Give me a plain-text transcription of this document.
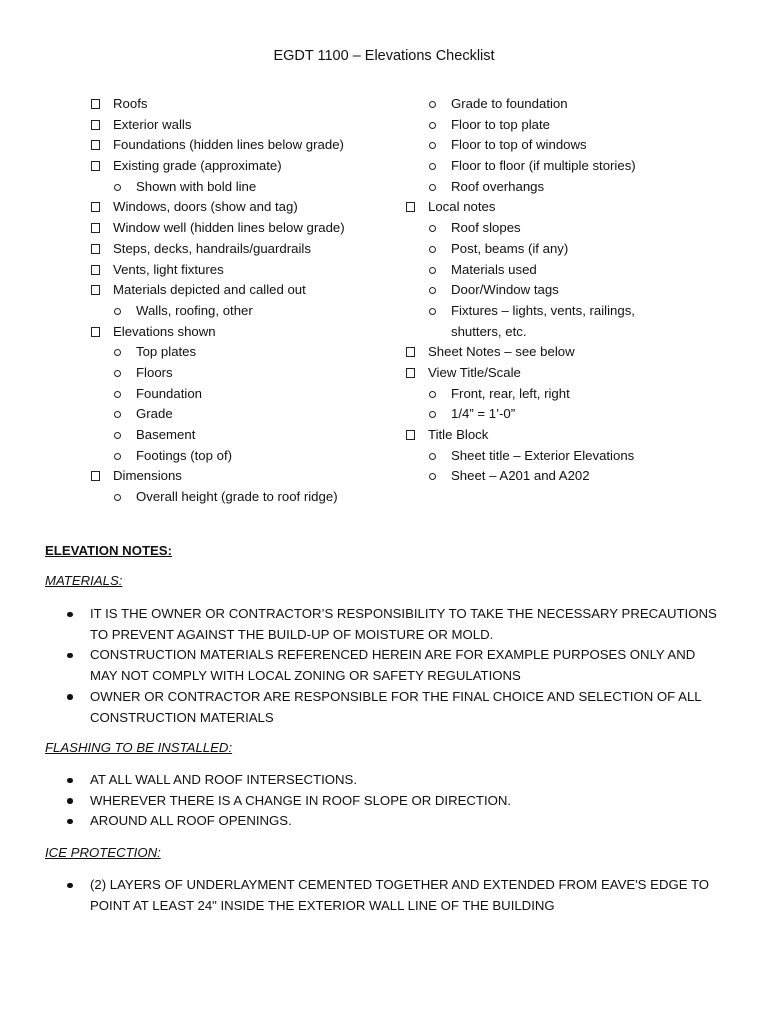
EGDT 1100 – Elevations Checklist
Roofs
Exterior walls
Foundations (hidden lines below grade)
Existing grade (approximate)
Shown with bold line
Windows, doors (show and tag)
Window well (hidden lines below grade)
Steps, decks, handrails/guardrails
Vents, light fixtures
Materials depicted and called out
Walls, roofing, other
Elevations shown
Top plates
Floors
Foundation
Grade
Basement
Footings (top of)
Dimensions
Overall height (grade to roof ridge)
Grade to foundation
Floor to top plate
Floor to top of windows
Floor to floor (if multiple stories)
Roof overhangs
Local notes
Roof slopes
Post, beams (if any)
Materials used
Door/Window tags
Fixtures – lights, vents, railings,
shutters, etc.
Sheet Notes – see below
View Title/Scale
Front, rear, left, right
1/4” = 1’-0”
Title Block
Sheet title – Exterior Elevations
Sheet – A201 and A202
ELEVATION NOTES:
MATERIALS:
IT IS THE OWNER OR CONTRACTOR’S RESPONSIBILITY TO TAKE THE NECESSARY PRECAUTIONS TO PREVENT AGAINST THE BUILD-UP OF MOISTURE OR MOLD.
CONSTRUCTION MATERIALS REFERENCED HEREIN ARE FOR EXAMPLE PURPOSES ONLY AND MAY NOT COMPLY WITH LOCAL ZONING OR SAFETY REGULATIONS
OWNER OR CONTRACTOR ARE RESPONSIBLE FOR THE FINAL CHOICE AND SELECTION OF ALL CONSTRUCTION MATERIALS
FLASHING TO BE INSTALLED:
AT ALL WALL AND ROOF INTERSECTIONS.
WHEREVER THERE IS A CHANGE IN ROOF SLOPE OR DIRECTION.
AROUND ALL ROOF OPENINGS.
ICE PROTECTION:
(2) LAYERS OF UNDERLAYMENT CEMENTED TOGETHER AND EXTENDED FROM EAVE'S EDGE TO POINT AT LEAST 24" INSIDE THE EXTERIOR WALL LINE OF THE BUILDING
